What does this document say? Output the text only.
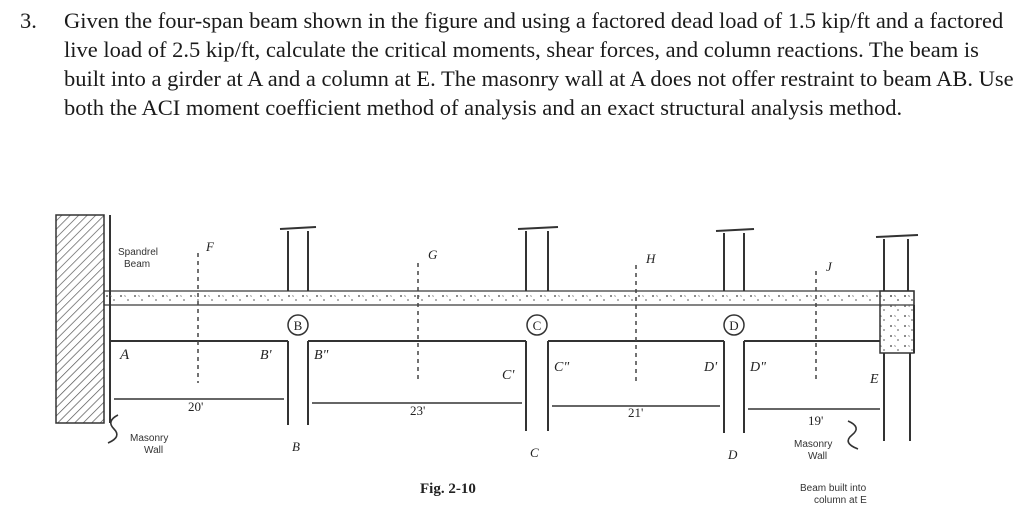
3. Given the four-span beam shown in the figure and using a factored dead load of 1.5 kip/ft and a factored live load of 2.5 kip/ft, calculate the critical moments, shear forces, and column reactions. The beam is built into a girder at A and a column at E. The masonry wall at A does not offer restraint to beam AB. Use both the ACI moment coefficient method of analysis and an exact structural analysis method.
B	C	D
A	B'	B"
C'
C"	D' D"
E
B	C	D
F
G	H
J
20'	23'	21'
19'
Spandrel
Beam
Masonry
Wall
Masonry
Wall
Beam built into
column at E
Fig. 2-10
